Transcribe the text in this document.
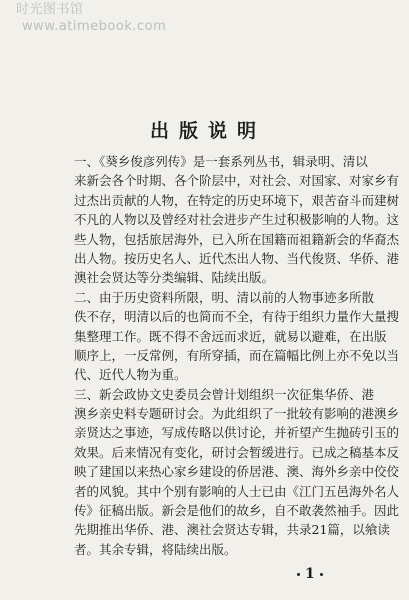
时光图书馆
www.atimebook.com
出版说明

一、《葵乡俊彦列传》是一套系列丛书，辑录明、清以
来新会各个时期、各个阶层中，对社会、对国家、对家乡有
过杰出贡献的人物，在特定的历史环境下，艰苦奋斗而建树
不凡的人物以及曾经对社会进步产生过积极影响的人物。这
些人物，包括旅居海外，已入所在国籍而祖籍新会的华裔杰
出人物。按历史名人、近代杰出人物、当代俊贤、华侨、港
澳社会贤达等分类编辑、陆续出版。

二、由于历史资料所限，明、清以前的人物事迹多所散
佚不存，明清以后的也简而不全，有待于组织力量作大量搜
集整理工作。既不得不舍远而求近，就易以避难，在出版
顺序上，一反常例，有所穿插，而在篇幅比例上亦不免以当
代、近代人物为重。

三、新会政协文史委员会曾计划组织一次征集华侨、港
澳乡亲史料专题研讨会。为此组织了一批较有影响的港澳乡
亲贤达之事迹，写成传略以供讨论，并祈望产生抛砖引玉的
效果。后来情况有变化，研讨会暂缓进行。已成之稿基本反
映了建国以来热心家乡建设的侨居港、澳、海外乡亲中佼佼
者的风貌。其中个别有影响的人士已由《江门五邑海外名人
传》征稿出版。新会是他们的故乡，自不敢袭然袖手。因此
先期推出华侨、港、澳社会贤达专辑，共录21篇，以飨读
者。其余专辑，将陆续出版。

1
